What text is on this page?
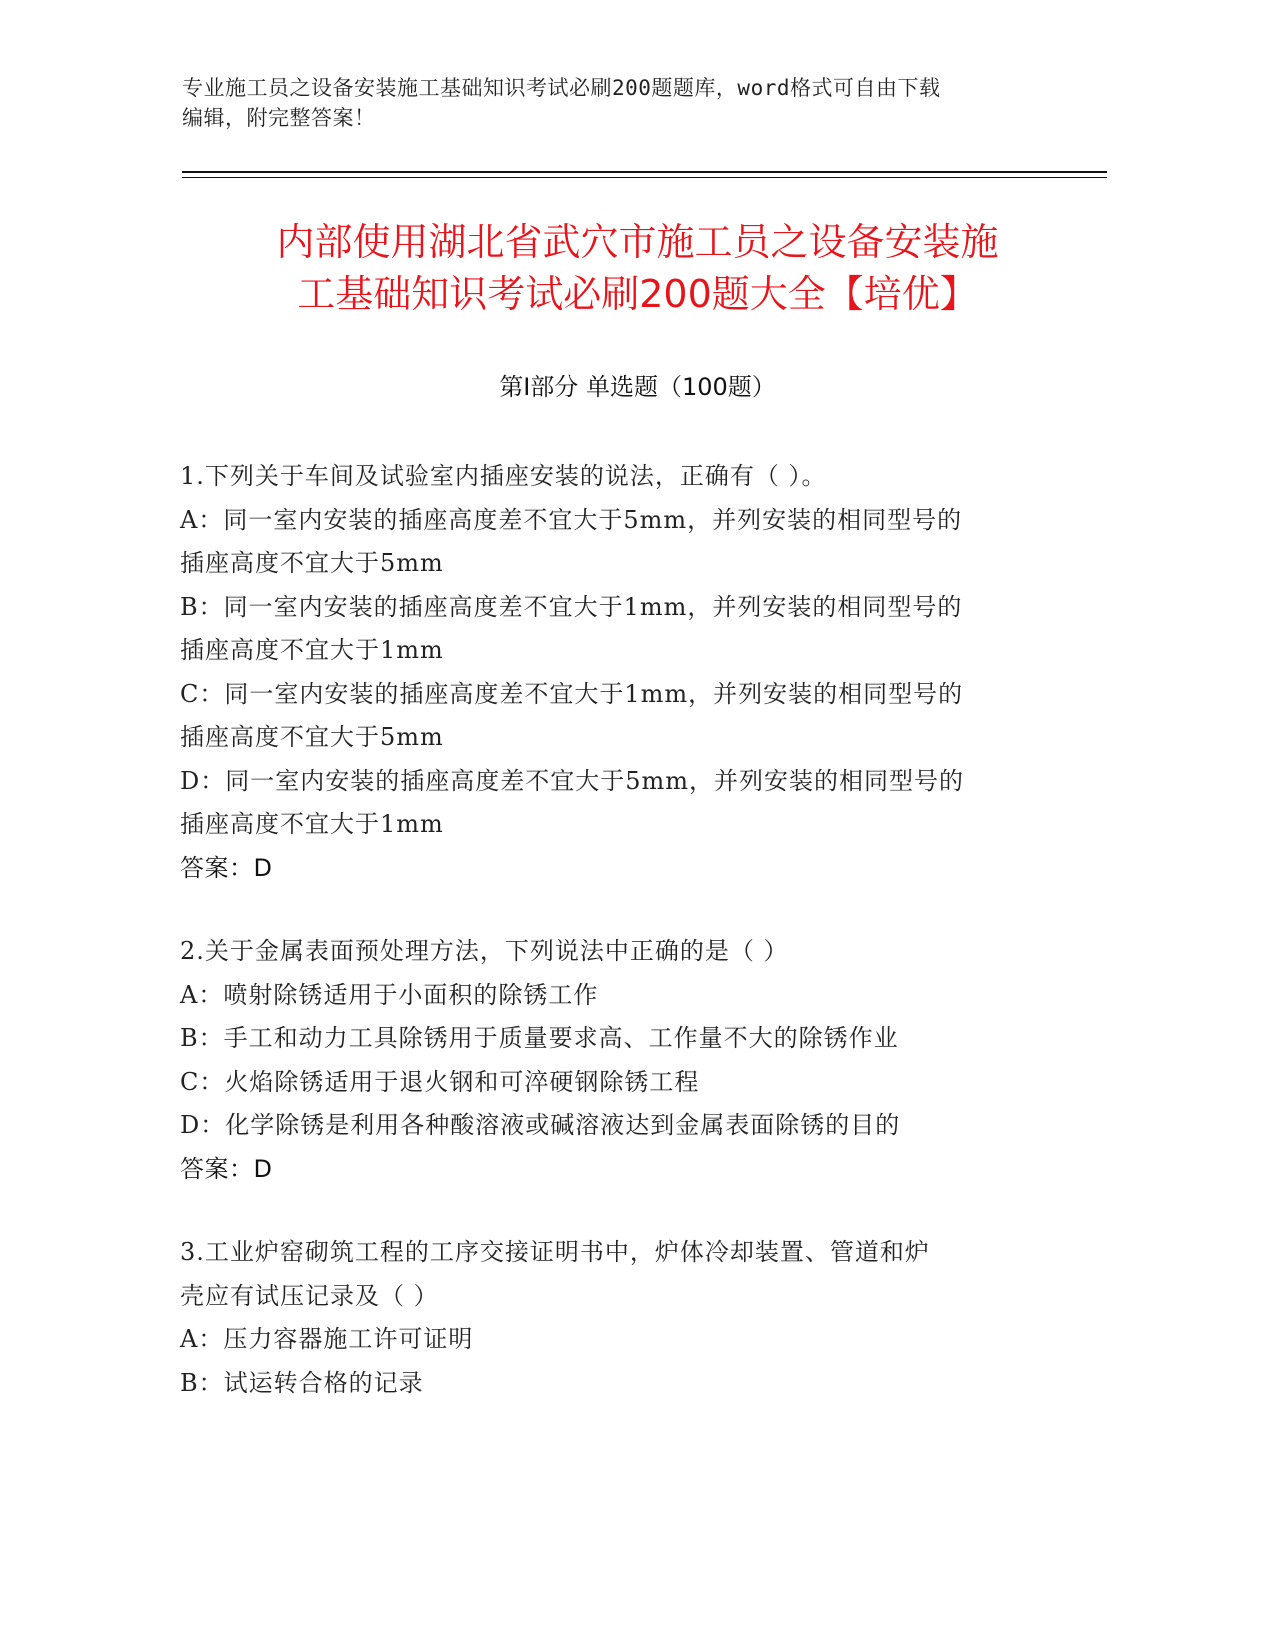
专业施工员之设备安装施工基础知识考试必刷200题题库，word格式可自由下载
编辑，附完整答案！
内部使用湖北省武穴市施工员之设备安装施
工基础知识考试必刷200题大全【培优】
第Ⅰ部分 单选题（100题）

1.下列关于车间及试验室内插座安装的说法，正确有（ ）。

A：同一室内安装的插座高度差不宜大于5mm，并列安装的相同型号的

插座高度不宜大于5mm

B：同一室内安装的插座高度差不宜大于1mm，并列安装的相同型号的

插座高度不宜大于1mm

C：同一室内安装的插座高度差不宜大于1mm，并列安装的相同型号的

插座高度不宜大于5mm

D：同一室内安装的插座高度差不宜大于5mm，并列安装的相同型号的

插座高度不宜大于1mm

答案：D

2.关于金属表面预处理方法，下列说法中正确的是（ ）

A：喷射除锈适用于小面积的除锈工作

B：手工和动力工具除锈用于质量要求高、工作量不大的除锈作业

C：火焰除锈适用于退火钢和可淬硬钢除锈工程

D：化学除锈是利用各种酸溶液或碱溶液达到金属表面除锈的目的

答案：D

3.工业炉窑砌筑工程的工序交接证明书中，炉体冷却装置、管道和炉

壳应有试压记录及（ ）

A：压力容器施工许可证明

B：试运转合格的记录
